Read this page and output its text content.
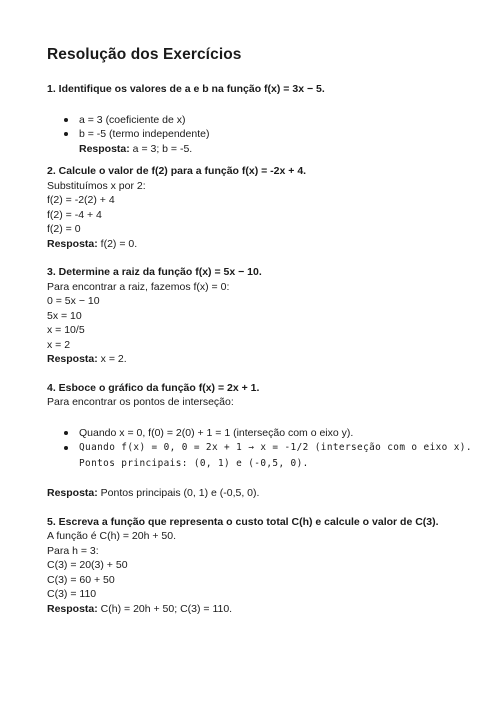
Resolução dos Exercícios

1. Identifique os valores de a e b na função f(x) = 3x − 5.

a = 3 (coeficiente de x)
b = -5 (termo independente)
Resposta: a = 3; b = -5.

2. Calcule o valor de f(2) para a função f(x) = -2x + 4.

Substituímos x por 2:

f(2) = -2(2) + 4

f(2) = -4 + 4

f(2) = 0

Resposta: f(2) = 0.

3. Determine a raiz da função f(x) = 5x − 10.

Para encontrar a raiz, fazemos f(x) = 0:

0 = 5x − 10

5x = 10

x = 10/5

x = 2

Resposta: x = 2.

4. Esboce o gráfico da função f(x) = 2x + 1.

Para encontrar os pontos de interseção:

Quando x = 0, f(0) = 2(0) + 1 = 1 (interseção com o eixo y).
Quando f(x) = 0, 0 = 2x + 1 → x = -1/2 (interseção com o eixo x).
Pontos principais: (0, 1) e (-0,5, 0).

Resposta: Pontos principais (0, 1) e (-0,5, 0).

5. Escreva a função que representa o custo total C(h) e calcule o valor de C(3).

A função é C(h) = 20h + 50.

Para h = 3:

C(3) = 20(3) + 50

C(3) = 60 + 50

C(3) = 110

Resposta: C(h) = 20h + 50; C(3) = 110.
